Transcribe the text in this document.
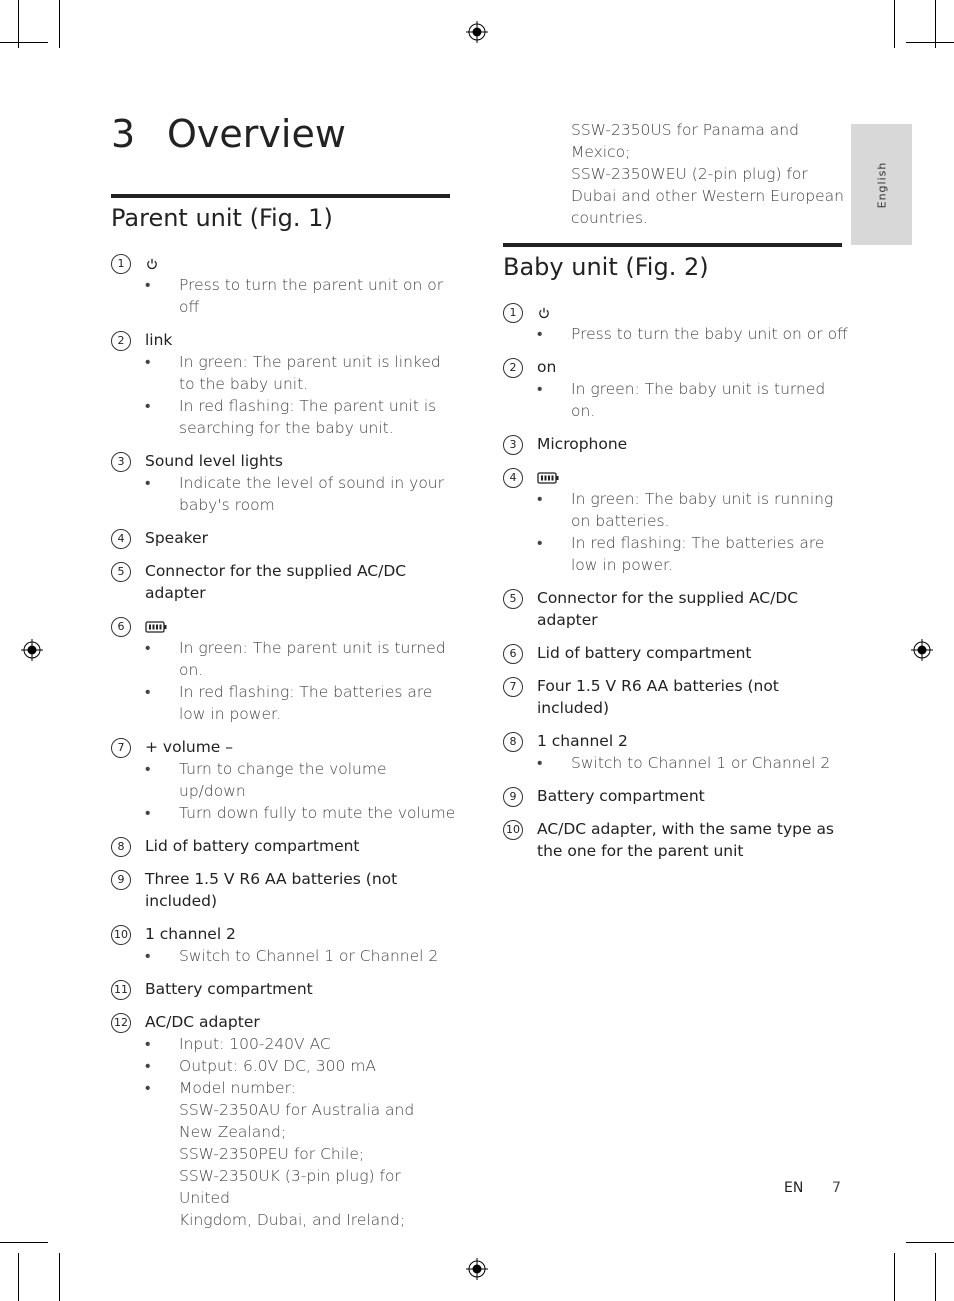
3 Overview
English
Parent unit (Fig. 1)
1

• Press to turn the parent unit on or off
2	link

• In green: The parent unit is linked to the baby unit.
• In red flashing: The parent unit is searching for the baby unit.
3	Sound level lights

• Indicate the level of sound in your baby's room
4	Speaker

5	Connector for the supplied AC/DC adapter

6

• In green: The parent unit is turned on.
• In red flashing: The batteries are low in power.
7	+ volume –

• Turn to change the volume up/down
• Turn down fully to mute the volume
8	Lid of battery compartment

9	Three 1.5 V R6 AA batteries (not included)

10 1 channel 2

• Switch to Channel 1 or Channel 2
11 Battery compartment

12 AC/DC adapter

• Input: 100-240V AC
• Output: 6.0V DC, 300 mA
• Model number:
SSW-2350AU for Australia and
New Zealand;
SSW-2350PEU for Chile;
SSW-2350UK (3-pin plug) for United
Kingdom, Dubai, and Ireland;
SSW-2350US for Panama and Mexico;
SSW-2350WEU (2-pin plug) for
Dubai and other Western European
countries.
Baby unit (Fig. 2)
1

• Press to turn the baby unit on or off
2	on

• In green: The baby unit is turned on.
3	Microphone

4

• In green: The baby unit is running on batteries.
• In red flashing: The batteries are low in power.
5	Connector for the supplied AC/DC adapter

6	Lid of battery compartment

7	Four 1.5 V R6 AA batteries (not included)

8	1 channel 2

• Switch to Channel 1 or Channel 2
9	Battery compartment

10 AC/DC adapter, with the same type as the one for the parent unit

EN 7
